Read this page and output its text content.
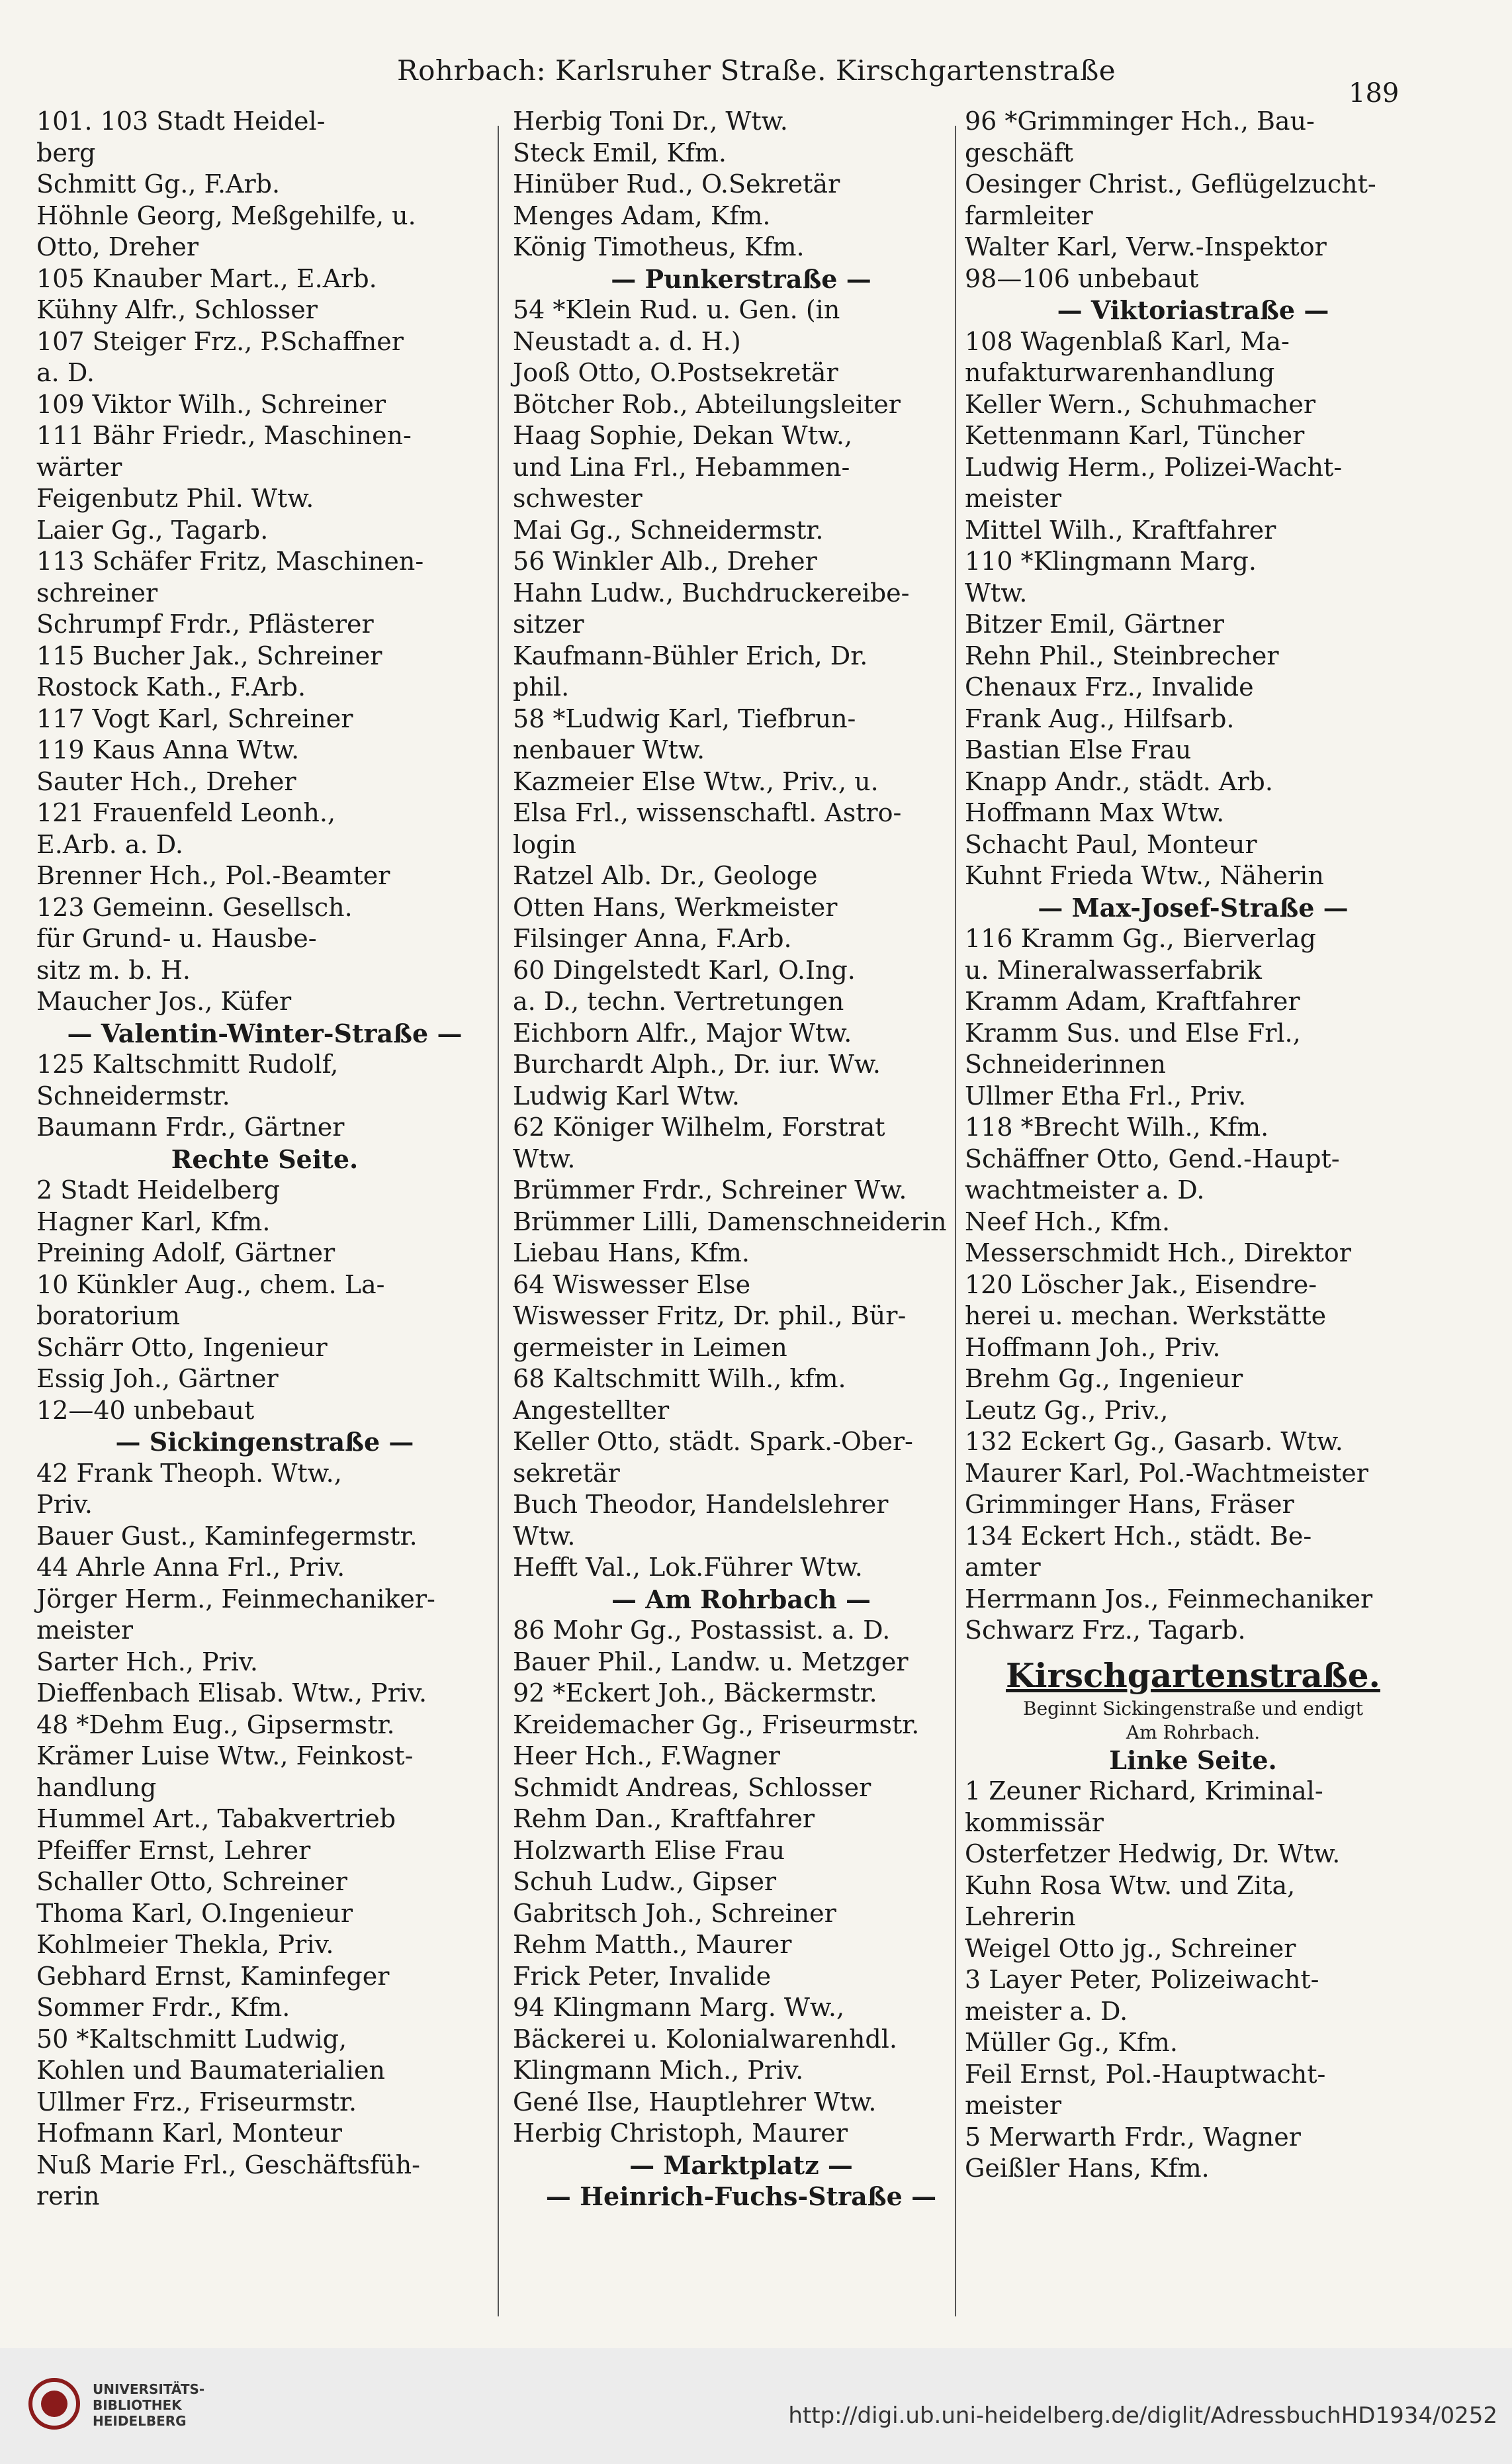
Rohrbach: Karlsruher Straße. Kirschgartenstraße
189
101. 103 Stadt Heidel-
berg
Schmitt Gg., F.Arb.
Höhnle Georg, Meßgehilfe, u.
Otto, Dreher
105 Knauber Mart., E.Arb.
Kühny Alfr., Schlosser
107 Steiger Frz., P.Schaffner
a. D.
109 Viktor Wilh., Schreiner
111 Bähr Friedr., Maschinen-
wärter
Feigenbutz Phil. Wtw.
Laier Gg., Tagarb.
113 Schäfer Fritz, Maschinen-
schreiner
Schrumpf Frdr., Pflästerer
115 Bucher Jak., Schreiner
Rostock Kath., F.Arb.
117 Vogt Karl, Schreiner
119 Kaus Anna Wtw.
Sauter Hch., Dreher
121 Frauenfeld Leonh.,
E.Arb. a. D.
Brenner Hch., Pol.-Beamter
123 Gemeinn. Gesellsch.
für Grund- u. Hausbe-
sitz m. b. H.
Maucher Jos., Küfer
— Valentin-Winter-Straße —
125 Kaltschmitt Rudolf,
Schneidermstr.
Baumann Frdr., Gärtner
Rechte Seite.
2 Stadt Heidelberg
Hagner Karl, Kfm.
Preining Adolf, Gärtner
10 Künkler Aug., chem. La-
boratorium
Schärr Otto, Ingenieur
Essig Joh., Gärtner
12—40 unbebaut
— Sickingenstraße —
42 Frank Theoph. Wtw.,
Priv.
Bauer Gust., Kaminfegermstr.
44 Ahrle Anna Frl., Priv.
Jörger Herm., Feinmechaniker-
meister
Sarter Hch., Priv.
Dieffenbach Elisab. Wtw., Priv.
48 *Dehm Eug., Gipsermstr.
Krämer Luise Wtw., Feinkost-
handlung
Hummel Art., Tabakvertrieb
Pfeiffer Ernst, Lehrer
Schaller Otto, Schreiner
Thoma Karl, O.Ingenieur
Kohlmeier Thekla, Priv.
Gebhard Ernst, Kaminfeger
Sommer Frdr., Kfm.
50 *Kaltschmitt Ludwig,
Kohlen und Baumaterialien
Ullmer Frz., Friseurmstr.
Hofmann Karl, Monteur
Nuß Marie Frl., Geschäftsfüh-
rerin
Herbig Toni Dr., Wtw.
Steck Emil, Kfm.
Hinüber Rud., O.Sekretär
Menges Adam, Kfm.
König Timotheus, Kfm.
— Punkerstraße —
54 *Klein Rud. u. Gen. (in
Neustadt a. d. H.)
Jooß Otto, O.Postsekretär
Bötcher Rob., Abteilungsleiter
Haag Sophie, Dekan Wtw.,
und Lina Frl., Hebammen-
schwester
Mai Gg., Schneidermstr.
56 Winkler Alb., Dreher
Hahn Ludw., Buchdruckereibe-
sitzer
Kaufmann-Bühler Erich, Dr.
phil.
58 *Ludwig Karl, Tiefbrun-
nenbauer Wtw.
Kazmeier Else Wtw., Priv., u.
Elsa Frl., wissenschaftl. Astro-
login
Ratzel Alb. Dr., Geologe
Otten Hans, Werkmeister
Filsinger Anna, F.Arb.
60 Dingelstedt Karl, O.Ing.
a. D., techn. Vertretungen
Eichborn Alfr., Major Wtw.
Burchardt Alph., Dr. iur. Ww.
Ludwig Karl Wtw.
62 Königer Wilhelm, Forstrat
Wtw.
Brümmer Frdr., Schreiner Ww.
Brümmer Lilli, Damenschneiderin
Liebau Hans, Kfm.
64 Wiswesser Else
Wiswesser Fritz, Dr. phil., Bür-
germeister in Leimen
68 Kaltschmitt Wilh., kfm.
Angestellter
Keller Otto, städt. Spark.-Ober-
sekretär
Buch Theodor, Handelslehrer
Wtw.
Hefft Val., Lok.Führer Wtw.
— Am Rohrbach —
86 Mohr Gg., Postassist. a. D.
Bauer Phil., Landw. u. Metzger
92 *Eckert Joh., Bäckermstr.
Kreidemacher Gg., Friseurmstr.
Heer Hch., F.Wagner
Schmidt Andreas, Schlosser
Rehm Dan., Kraftfahrer
Holzwarth Elise Frau
Schuh Ludw., Gipser
Gabritsch Joh., Schreiner
Rehm Matth., Maurer
Frick Peter, Invalide
94 Klingmann Marg. Ww.,
Bäckerei u. Kolonialwarenhdl.
Klingmann Mich., Priv.
Gené Ilse, Hauptlehrer Wtw.
Herbig Christoph, Maurer
— Marktplatz —
— Heinrich-Fuchs-Straße —
96 *Grimminger Hch., Bau-
geschäft
Oesinger Christ., Geflügelzucht-
farmleiter
Walter Karl, Verw.-Inspektor
98—106 unbebaut
— Viktoriastraße —
108 Wagenblaß Karl, Ma-
nufakturwarenhandlung
Keller Wern., Schuhmacher
Kettenmann Karl, Tüncher
Ludwig Herm., Polizei-Wacht-
meister
Mittel Wilh., Kraftfahrer
110 *Klingmann Marg.
Wtw.
Bitzer Emil, Gärtner
Rehn Phil., Steinbrecher
Chenaux Frz., Invalide
Frank Aug., Hilfsarb.
Bastian Else Frau
Knapp Andr., städt. Arb.
Hoffmann Max Wtw.
Schacht Paul, Monteur
Kuhnt Frieda Wtw., Näherin
— Max-Josef-Straße —
116 Kramm Gg., Bierverlag
u. Mineralwasserfabrik
Kramm Adam, Kraftfahrer
Kramm Sus. und Else Frl.,
Schneiderinnen
Ullmer Etha Frl., Priv.
118 *Brecht Wilh., Kfm.
Schäffner Otto, Gend.-Haupt-
wachtmeister a. D.
Neef Hch., Kfm.
Messerschmidt Hch., Direktor
120 Löscher Jak., Eisendre-
herei u. mechan. Werkstätte
Hoffmann Joh., Priv.
Brehm Gg., Ingenieur
Leutz Gg., Priv.,
132 Eckert Gg., Gasarb. Wtw.
Maurer Karl, Pol.-Wachtmeister
Grimminger Hans, Fräser
134 Eckert Hch., städt. Be-
amter
Herrmann Jos., Feinmechaniker
Schwarz Frz., Tagarb.
Kirschgartenstraße.
Beginnt Sickingenstraße und endigt
Am Rohrbach.
Linke Seite.
1 Zeuner Richard, Kriminal-
kommissär
Osterfetzer Hedwig, Dr. Wtw.
Kuhn Rosa Wtw. und Zita,
Lehrerin
Weigel Otto jg., Schreiner
3 Layer Peter, Polizeiwacht-
meister a. D.
Müller Gg., Kfm.
Feil Ernst, Pol.-Hauptwacht-
meister
5 Merwarth Frdr., Wagner
Geißler Hans, Kfm.
UNIVERSITÄTS-
BIBLIOTHEK
HEIDELBERG	http://digi.ub.uni-heidelberg.de/diglit/AdressbuchHD1934/0252
